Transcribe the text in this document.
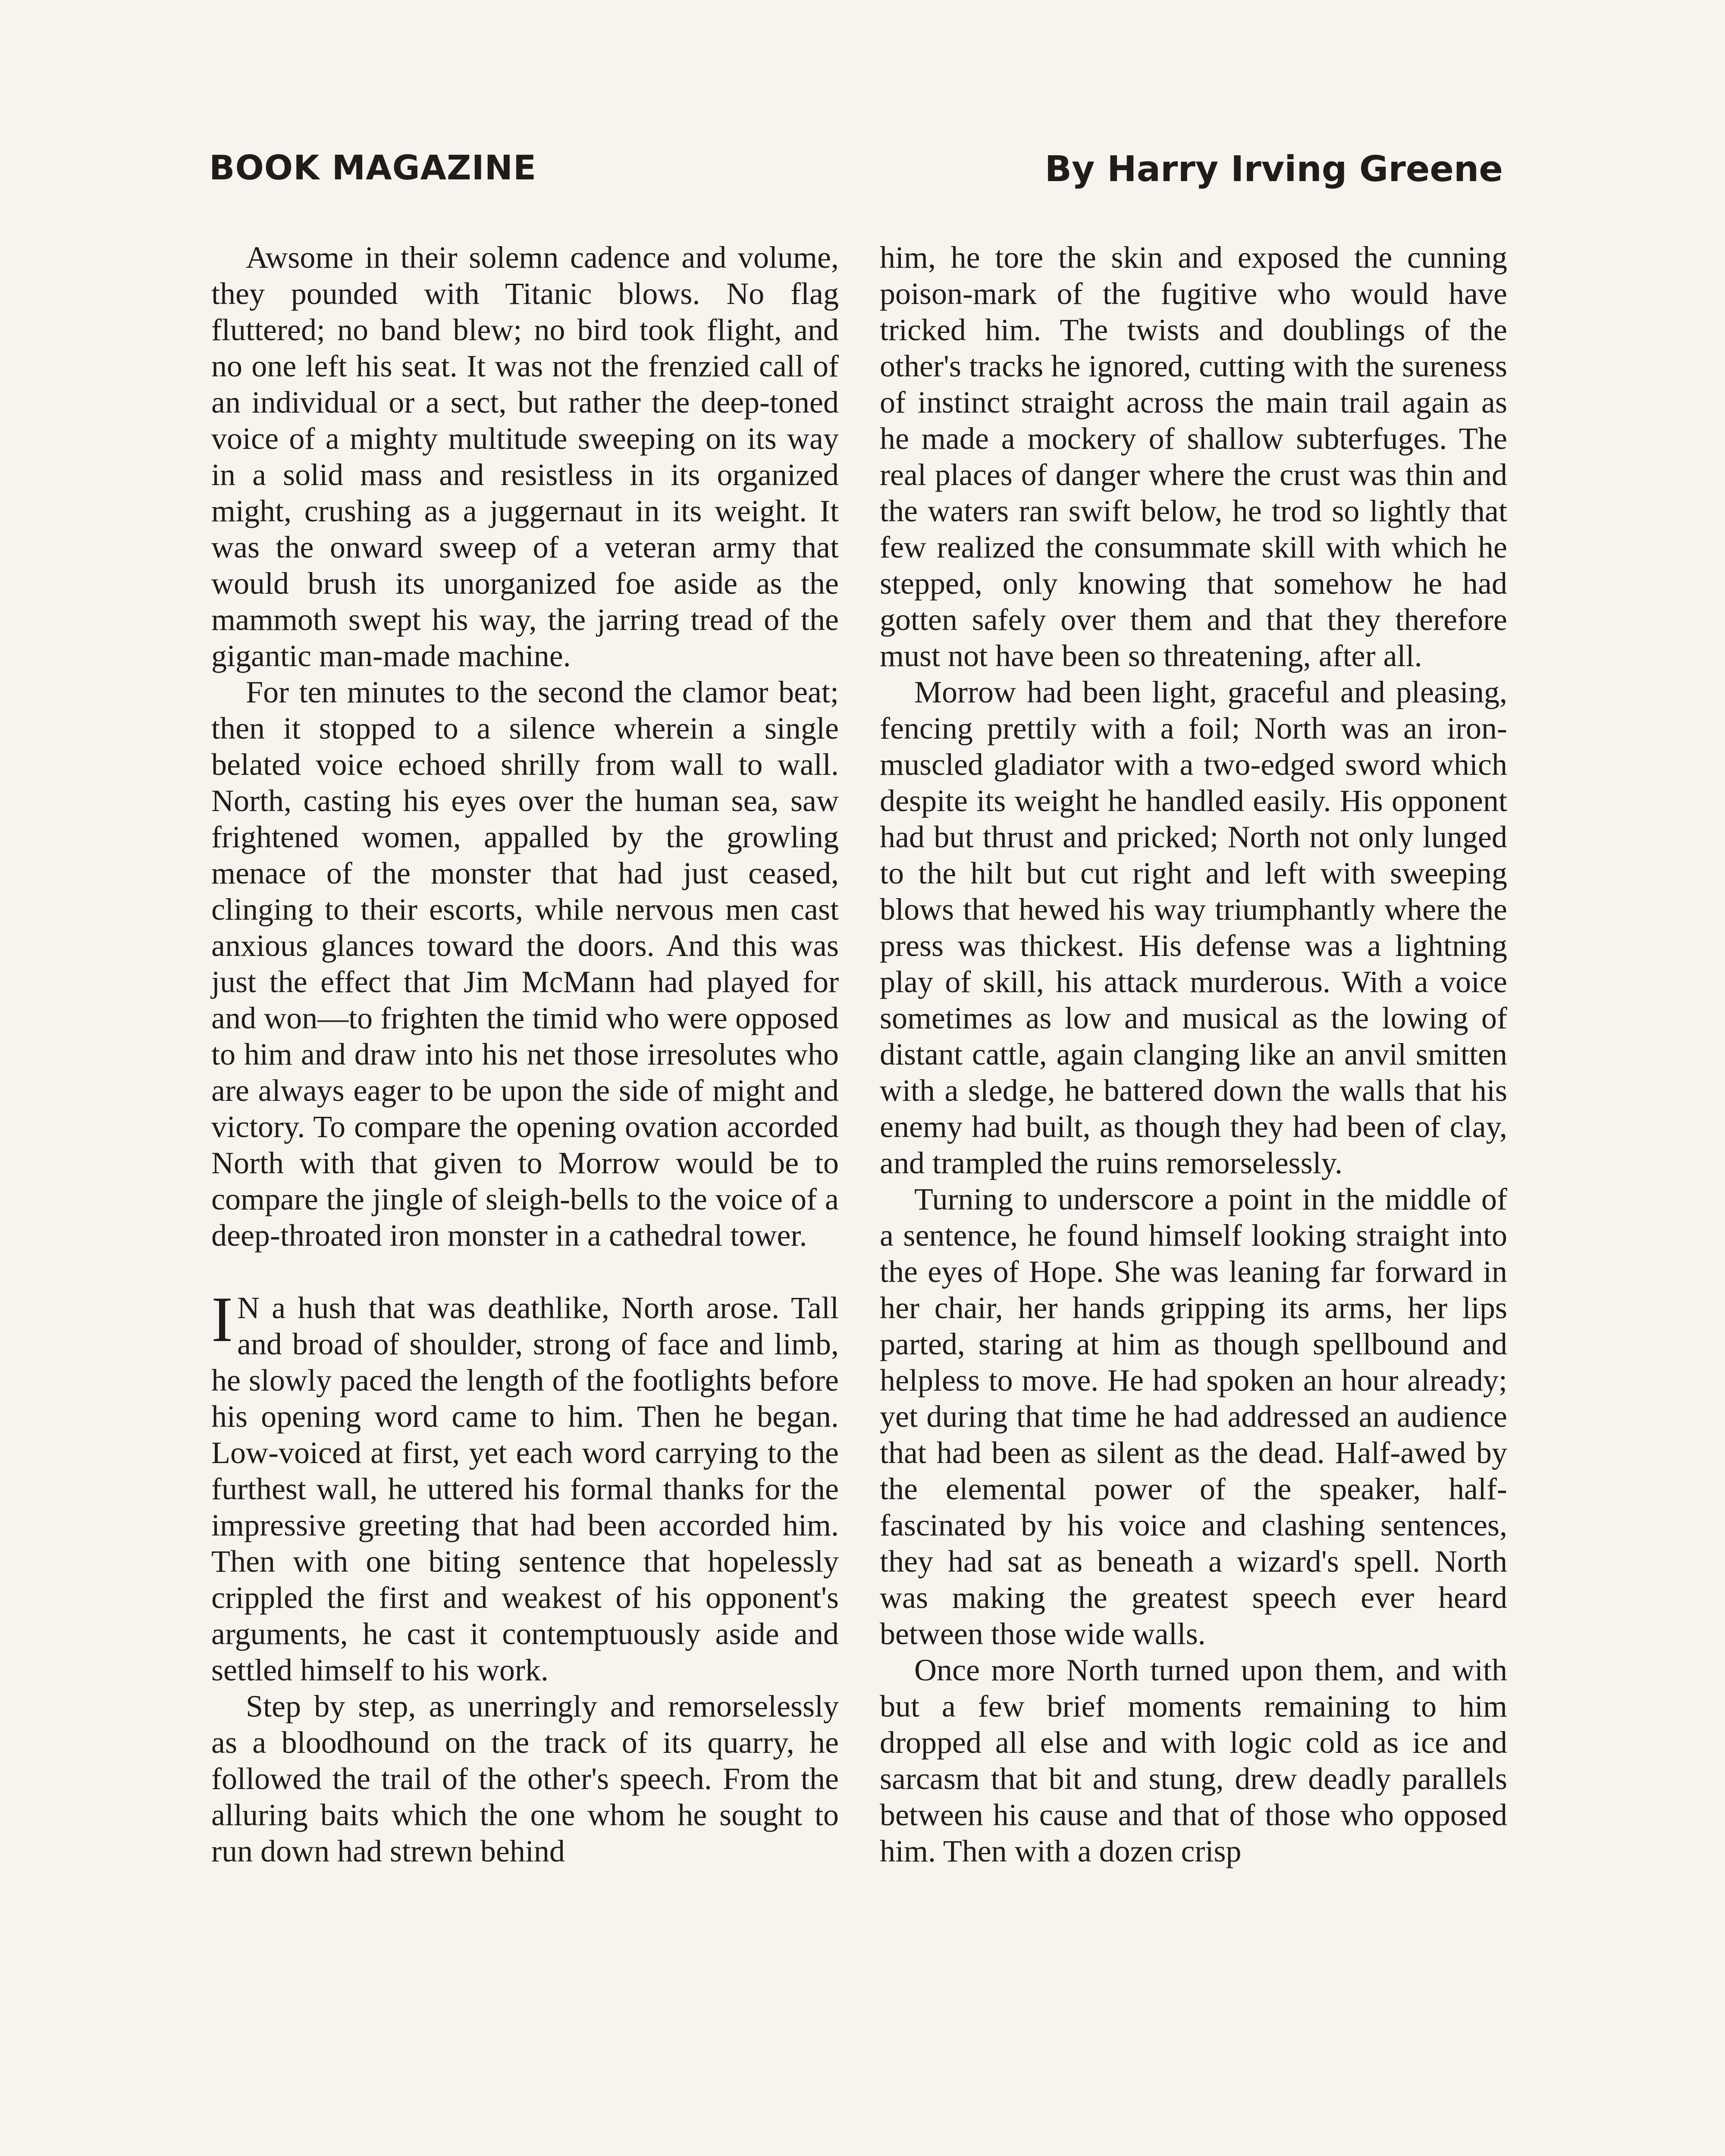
BOOK MAGAZINE	By Harry Irving Greene

Awsome in their solemn cadence and volume, they pounded with Titanic blows. No flag fluttered; no band blew; no bird took flight, and no one left his seat. It was not the frenzied call of an individual or a sect, but rather the deep-toned voice of a mighty multitude sweeping on its way in a solid mass and resistless in its organized might, crushing as a juggernaut in its weight. It was the onward sweep of a veteran army that would brush its unorganized foe aside as the mammoth swept his way, the jarring tread of the gigantic man-made machine.

For ten minutes to the second the clamor beat; then it stopped to a silence wherein a single belated voice echoed shrilly from wall to wall. North, casting his eyes over the human sea, saw frightened women, appalled by the growling menace of the monster that had just ceased, clinging to their escorts, while nervous men cast anxious glances toward the doors. And this was just the effect that Jim McMann had played for and won—to frighten the timid who were opposed to him and draw into his net those irresolutes who are always eager to be upon the side of might and victory. To compare the opening ovation accorded North with that given to Morrow would be to compare the jingle of sleigh-bells to the voice of a deep-throated iron monster in a cathedral tower.

I N a hush that was deathlike, North arose. Tall and broad of shoulder, strong of face and limb, he slowly paced the length of the footlights before his opening word came to him. Then he began. Low-voiced at first, yet each word carrying to the furthest wall, he uttered his formal thanks for the impressive greeting that had been accorded him. Then with one biting sentence that hopelessly crippled the first and weakest of his opponent's arguments, he cast it contemptuously aside and settled himself to his work.

Step by step, as unerringly and remorselessly as a bloodhound on the track of its quarry, he followed the trail of the other's speech. From the alluring baits which the one whom he sought to run down had strewn behind

him, he tore the skin and exposed the cunning poison-mark of the fugitive who would have tricked him. The twists and doublings of the other's tracks he ignored, cutting with the sureness of instinct straight across the main trail again as he made a mockery of shallow subterfuges. The real places of danger where the crust was thin and the waters ran swift below, he trod so lightly that few realized the consummate skill with which he stepped, only knowing that somehow he had gotten safely over them and that they therefore must not have been so threatening, after all.

Morrow had been light, graceful and pleasing, fencing prettily with a foil; North was an iron-muscled gladiator with a two-edged sword which despite its weight he handled easily. His opponent had but thrust and pricked; North not only lunged to the hilt but cut right and left with sweeping blows that hewed his way triumphantly where the press was thickest. His defense was a lightning play of skill, his attack murderous. With a voice sometimes as low and musical as the lowing of distant cattle, again clanging like an anvil smitten with a sledge, he battered down the walls that his enemy had built, as though they had been of clay, and trampled the ruins remorselessly.

Turning to underscore a point in the middle of a sentence, he found himself looking straight into the eyes of Hope. She was leaning far forward in her chair, her hands gripping its arms, her lips parted, staring at him as though spellbound and helpless to move. He had spoken an hour already; yet during that time he had addressed an audience that had been as silent as the dead. Half-awed by the elemental power of the speaker, half-fascinated by his voice and clashing sentences, they had sat as beneath a wizard's spell. North was making the greatest speech ever heard between those wide walls.

Once more North turned upon them, and with but a few brief moments remaining to him dropped all else and with logic cold as ice and sarcasm that bit and stung, drew deadly parallels between his cause and that of those who opposed him. Then with a dozen crisp
